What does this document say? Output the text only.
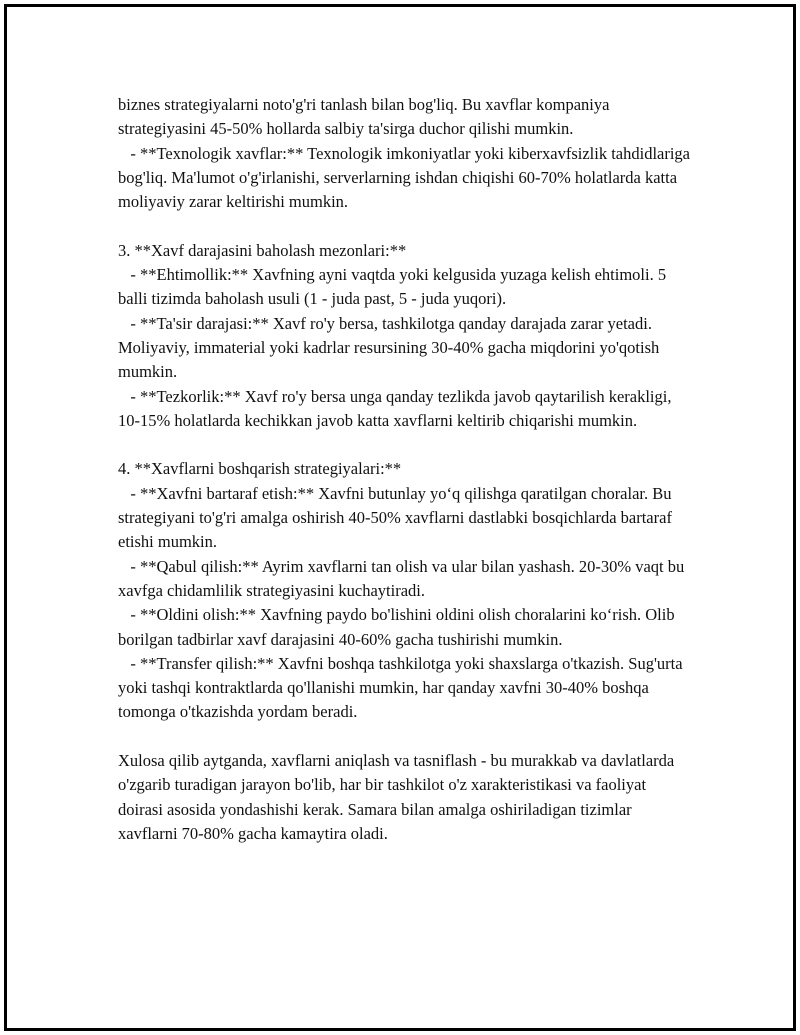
biznes strategiyalarni noto'g'ri tanlash bilan bog'liq. Bu xavflar kompaniya strategiyasini 45-50% hollarda salbiy ta'sirga duchor qilishi mumkin.

- **Texnologik xavflar:** Texnologik imkoniyatlar yoki kiberxavfsizlik tahdidlariga bog'liq. Ma'lumot o'g'irlanishi, serverlarning ishdan chiqishi 60-70% holatlarda katta moliyaviy zarar keltirishi mumkin.

3. **Xavf darajasini baholash mezonlari:**

- **Ehtimollik:** Xavfning ayni vaqtda yoki kelgusida yuzaga kelish ehtimoli. 5 balli tizimda baholash usuli (1 - juda past, 5 - juda yuqori).

- **Ta'sir darajasi:** Xavf ro'y bersa, tashkilotga qanday darajada zarar yetadi. Moliyaviy, immaterial yoki kadrlar resursining 30-40% gacha miqdorini yo'qotish mumkin.

- **Tezkorlik:** Xavf ro'y bersa unga qanday tezlikda javob qaytarilish kerakligi, 10-15% holatlarda kechikkan javob katta xavflarni keltirib chiqarishi mumkin.

4. **Xavflarni boshqarish strategiyalari:**

- **Xavfni bartaraf etish:** Xavfni butunlay yo‘q qilishga qaratilgan choralar. Bu strategiyani to'g'ri amalga oshirish 40-50% xavflarni dastlabki bosqichlarda bartaraf etishi mumkin.

- **Qabul qilish:** Ayrim xavflarni tan olish va ular bilan yashash. 20-30% vaqt bu xavfga chidamlilik strategiyasini kuchaytiradi.

- **Oldini olish:** Xavfning paydo bo'lishini oldini olish choralarini ko‘rish. Olib borilgan tadbirlar xavf darajasini 40-60% gacha tushirishi mumkin.

- **Transfer qilish:** Xavfni boshqa tashkilotga yoki shaxslarga o'tkazish. Sug'urta yoki tashqi kontraktlarda qo'llanishi mumkin, har qanday xavfni 30-40% boshqa tomonga o'tkazishda yordam beradi.

Xulosa qilib aytganda, xavflarni aniqlash va tasniflash - bu murakkab va davlatlarda o'zgarib turadigan jarayon bo'lib, har bir tashkilot o'z xarakteristikasi va faoliyat doirasi asosida yondashishi kerak. Samara bilan amalga oshiriladigan tizimlar xavflarni 70-80% gacha kamaytira oladi.
